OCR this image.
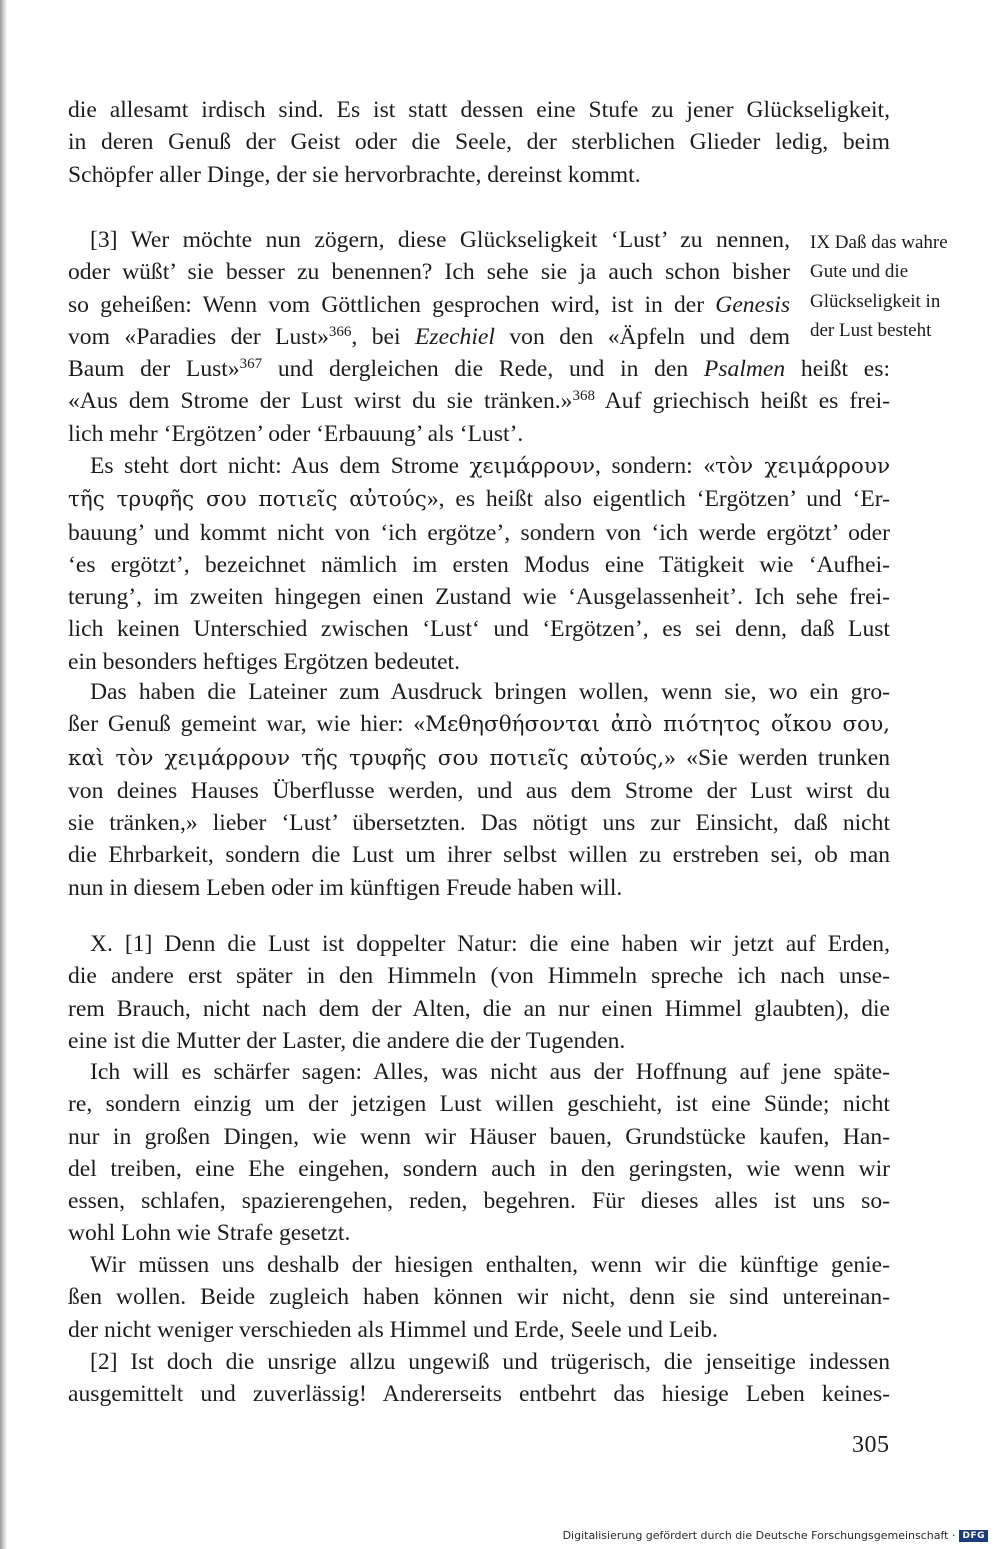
die allesamt irdisch sind. Es ist statt dessen eine Stufe zu jener Glückseligkeit,
in deren Genuß der Geist oder die Seele, der sterblichen Glieder ledig, beim
Schöpfer aller Dinge, der sie hervorbrachte, dereinst kommt.
[3] Wer möchte nun zögern, diese Glückseligkeit ‘Lust’ zu nennen,
oder wüßt’ sie besser zu benennen? Ich sehe sie ja auch schon bisher
so geheißen: Wenn vom Göttlichen gesprochen wird, ist in der Genesis
vom «Paradies der Lust»$^{366}$, bei Ezechiel von den «Äpfeln und dem
Baum der Lust»$^{367}$ und dergleichen die Rede, und in den Psalmen heißt es:
«Aus dem Strome der Lust wirst du sie tränken.»$^{368}$ Auf griechisch heißt es frei-
lich mehr ‘Ergötzen’ oder ‘Erbauung’ als ‘Lust’.
Es steht dort nicht: Aus dem Strome χειμάρρουν, sondern: «τὸν χειμάρρουν
τῆς τρυφῆς σου ποτιεῖς αὐτούς», es heißt also eigentlich ‘Ergötzen’ und ‘Er-
bauung’ und kommt nicht von ‘ich ergötze’, sondern von ‘ich werde ergötzt’ oder
‘es ergötzt’, bezeichnet nämlich im ersten Modus eine Tätigkeit wie ‘Aufhei-
terung’, im zweiten hingegen einen Zustand wie ‘Ausgelassenheit’. Ich sehe frei-
lich keinen Unterschied zwischen ‘Lust‘ und ‘Ergötzen’, es sei denn, daß Lust
ein besonders heftiges Ergötzen bedeutet.
Das haben die Lateiner zum Ausdruck bringen wollen, wenn sie, wo ein gro-
ßer Genuß gemeint war, wie hier: «Μεθησθήσονται ἀπὸ πιότητος οἴκου σου,
καὶ τὸν χειμάρρουν τῆς τρυφῆς σου ποτιεῖς αὐτούς,» «Sie werden trunken
von deines Hauses Überflusse werden, und aus dem Strome der Lust wirst du
sie tränken,» lieber ‘Lust’ übersetzten. Das nötigt uns zur Einsicht, daß nicht
die Ehrbarkeit, sondern die Lust um ihrer selbst willen zu erstreben sei, ob man
nun in diesem Leben oder im künftigen Freude haben will.
X. [1] Denn die Lust ist doppelter Natur: die eine haben wir jetzt auf Erden,
die andere erst später in den Himmeln (von Himmeln spreche ich nach unse-
rem Brauch, nicht nach dem der Alten, die an nur einen Himmel glaubten), die
eine ist die Mutter der Laster, die andere die der Tugenden.
Ich will es schärfer sagen: Alles, was nicht aus der Hoffnung auf jene späte-
re, sondern einzig um der jetzigen Lust willen geschieht, ist eine Sünde; nicht
nur in großen Dingen, wie wenn wir Häuser bauen, Grundstücke kaufen, Han-
del treiben, eine Ehe eingehen, sondern auch in den geringsten, wie wenn wir
essen, schlafen, spazierengehen, reden, begehren. Für dieses alles ist uns so-
wohl Lohn wie Strafe gesetzt.
Wir müssen uns deshalb der hiesigen enthalten, wenn wir die künftige genie-
ßen wollen. Beide zugleich haben können wir nicht, denn sie sind untereinan-
der nicht weniger verschieden als Himmel und Erde, Seele und Leib.
[2] Ist doch die unsrige allzu ungewiß und trügerisch, die jenseitige indessen
ausgemittelt und zuverlässig! Andererseits entbehrt das hiesige Leben keines-
IX Daß das wahre
Gute und die
Glückseligkeit in
der Lust besteht
305
Digitalisierung gefördert durch die Deutsche Forschungsgemeinschaft · DFG
